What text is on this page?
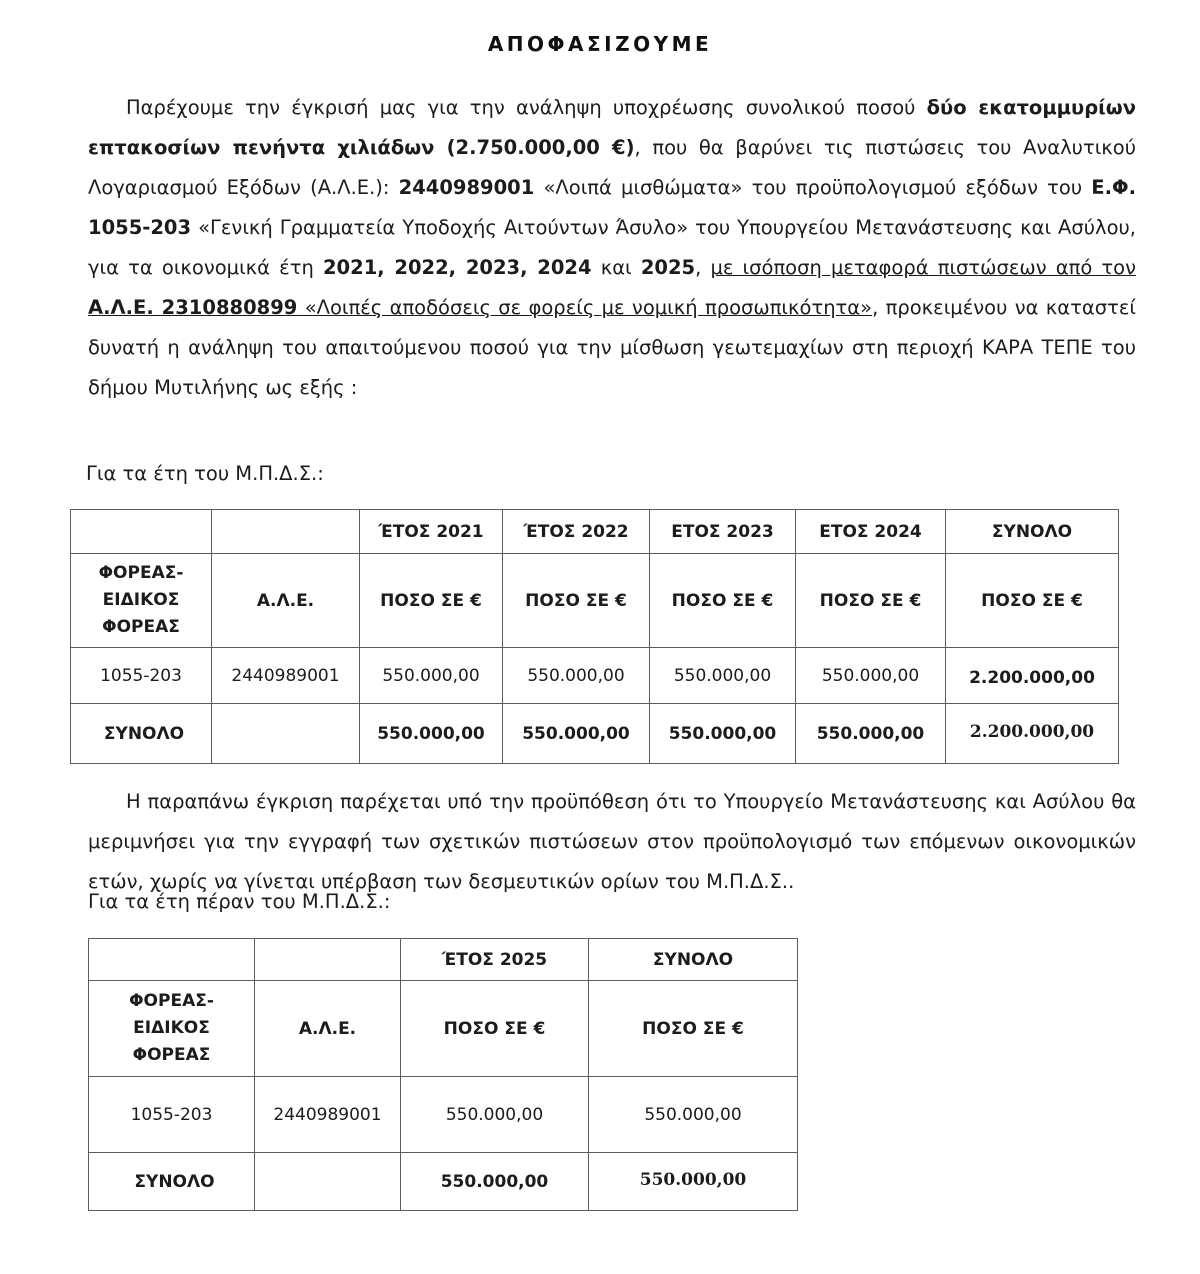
ΑΠΟΦΑΣΙΖΟΥΜΕ
Παρέχουμε την έγκρισή μας για την ανάληψη υποχρέωσης συνολικού ποσού δύο εκατομμυρίων επτακοσίων πενήντα χιλιάδων (2.750.000,00 €), που θα βαρύνει τις πιστώσεις του Αναλυτικού Λογαριασμού Εξόδων (Α.Λ.Ε.): 2440989001 «Λοιπά μισθώματα» του προϋπολογισμού εξόδων του Ε.Φ. 1055-203 «Γενική Γραμματεία Υποδοχής Αιτούντων Άσυλο» του Υπουργείου Μετανάστευσης και Ασύλου, για τα οικονομικά έτη 2021, 2022, 2023, 2024 και 2025, με ισόποση μεταφορά πιστώσεων από τον Α.Λ.Ε. 2310880899 «Λοιπές αποδόσεις σε φορείς με νομική προσωπικότητα», προκειμένου να καταστεί δυνατή η ανάληψη του απαιτούμενου ποσού για την μίσθωση γεωτεμαχίων στη περιοχή ΚΑΡΑ ΤΕΠΕ του δήμου Μυτιλήνης ως εξής :
Για τα έτη του Μ.Π.Δ.Σ.:
		ΈΤΟΣ 2021	ΈΤΟΣ 2022	ΕΤΟΣ 2023	ΕΤΟΣ 2024	ΣΥΝΟΛΟ
ΦΟΡΕΑΣ-
ΕΙΔΙΚΟΣ
ΦΟΡΕΑΣ	Α.Λ.Ε.	ΠΟΣΟ ΣΕ €	ΠΟΣΟ ΣΕ €	ΠΟΣΟ ΣΕ €	ΠΟΣΟ ΣΕ €	ΠΟΣΟ ΣΕ €
1055-203	2440989001	550.000,00	550.000,00	550.000,00	550.000,00	2.200.000,00
ΣΥΝΟΛΟ		550.000,00	550.000,00	550.000,00	550.000,00	2.200.000,00
Η παραπάνω έγκριση παρέχεται υπό την προϋπόθεση ότι το Υπουργείο Μετανάστευσης και Ασύλου θα μεριμνήσει για την εγγραφή των σχετικών πιστώσεων στον προϋπολογισμό των επόμενων οικονομικών ετών, χωρίς να γίνεται υπέρβαση των δεσμευτικών ορίων του Μ.Π.Δ.Σ..
Για τα έτη πέραν του Μ.Π.Δ.Σ.:
		ΈΤΟΣ 2025	ΣΥΝΟΛΟ
ΦΟΡΕΑΣ-
ΕΙΔΙΚΟΣ
ΦΟΡΕΑΣ	Α.Λ.Ε.	ΠΟΣΟ ΣΕ €	ΠΟΣΟ ΣΕ €
1055-203	2440989001	550.000,00	550.000,00
ΣΥΝΟΛΟ		550.000,00	550.000,00
